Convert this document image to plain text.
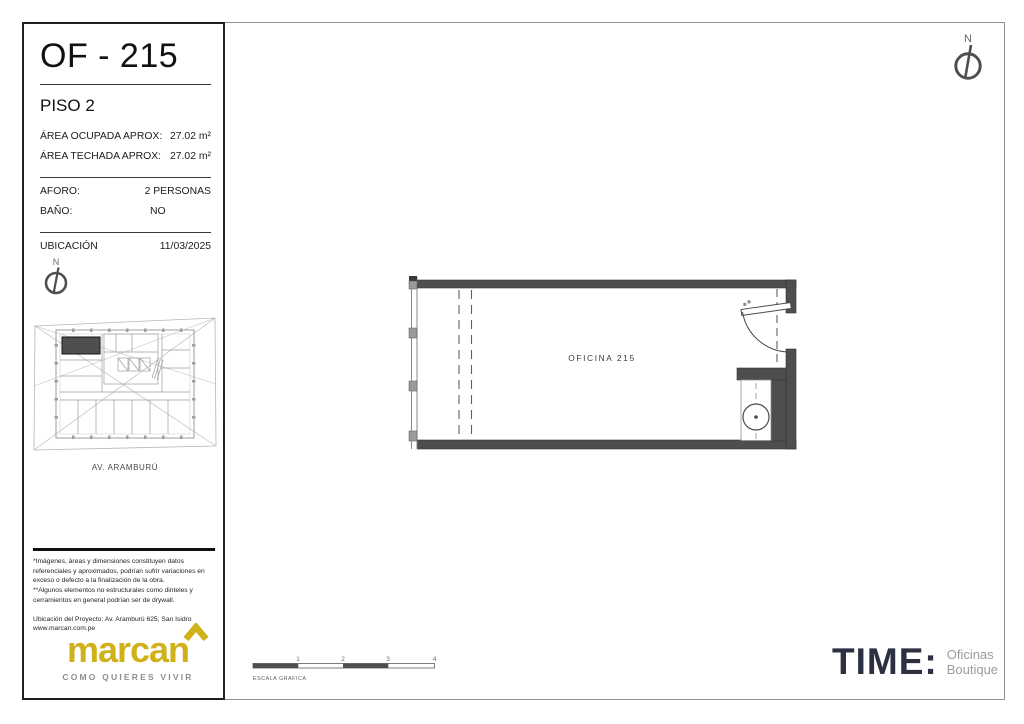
OF - 215

PISO 2

ÁREA OCUPADA APROX: 27.02 m²
ÁREA TECHADA APROX: 27.02 m²
AFORO:	2 PERSONAS
BAÑO:	NO
UBICACIÓN	11/03/2025
N
AV. ARAMBURÚ

*Imágenes, áreas y dimensiones constituyen datos referenciales y aproximados, podrían sufrir variaciones en exceso o defecto a la finalización de la obra.

**Algunos elementos no estructurales como dinteles y cerramientos en general podrían ser de drywall.

Ubicación del Proyecto: Av. Aramburú 625, San Isidro

www.marcan.com.pe

marcan
COMO QUIERES VIVIR
N
OFICINA 215
1	2	3	4
ESCALA GRAFICA	TIME: Oficinas
Boutique
